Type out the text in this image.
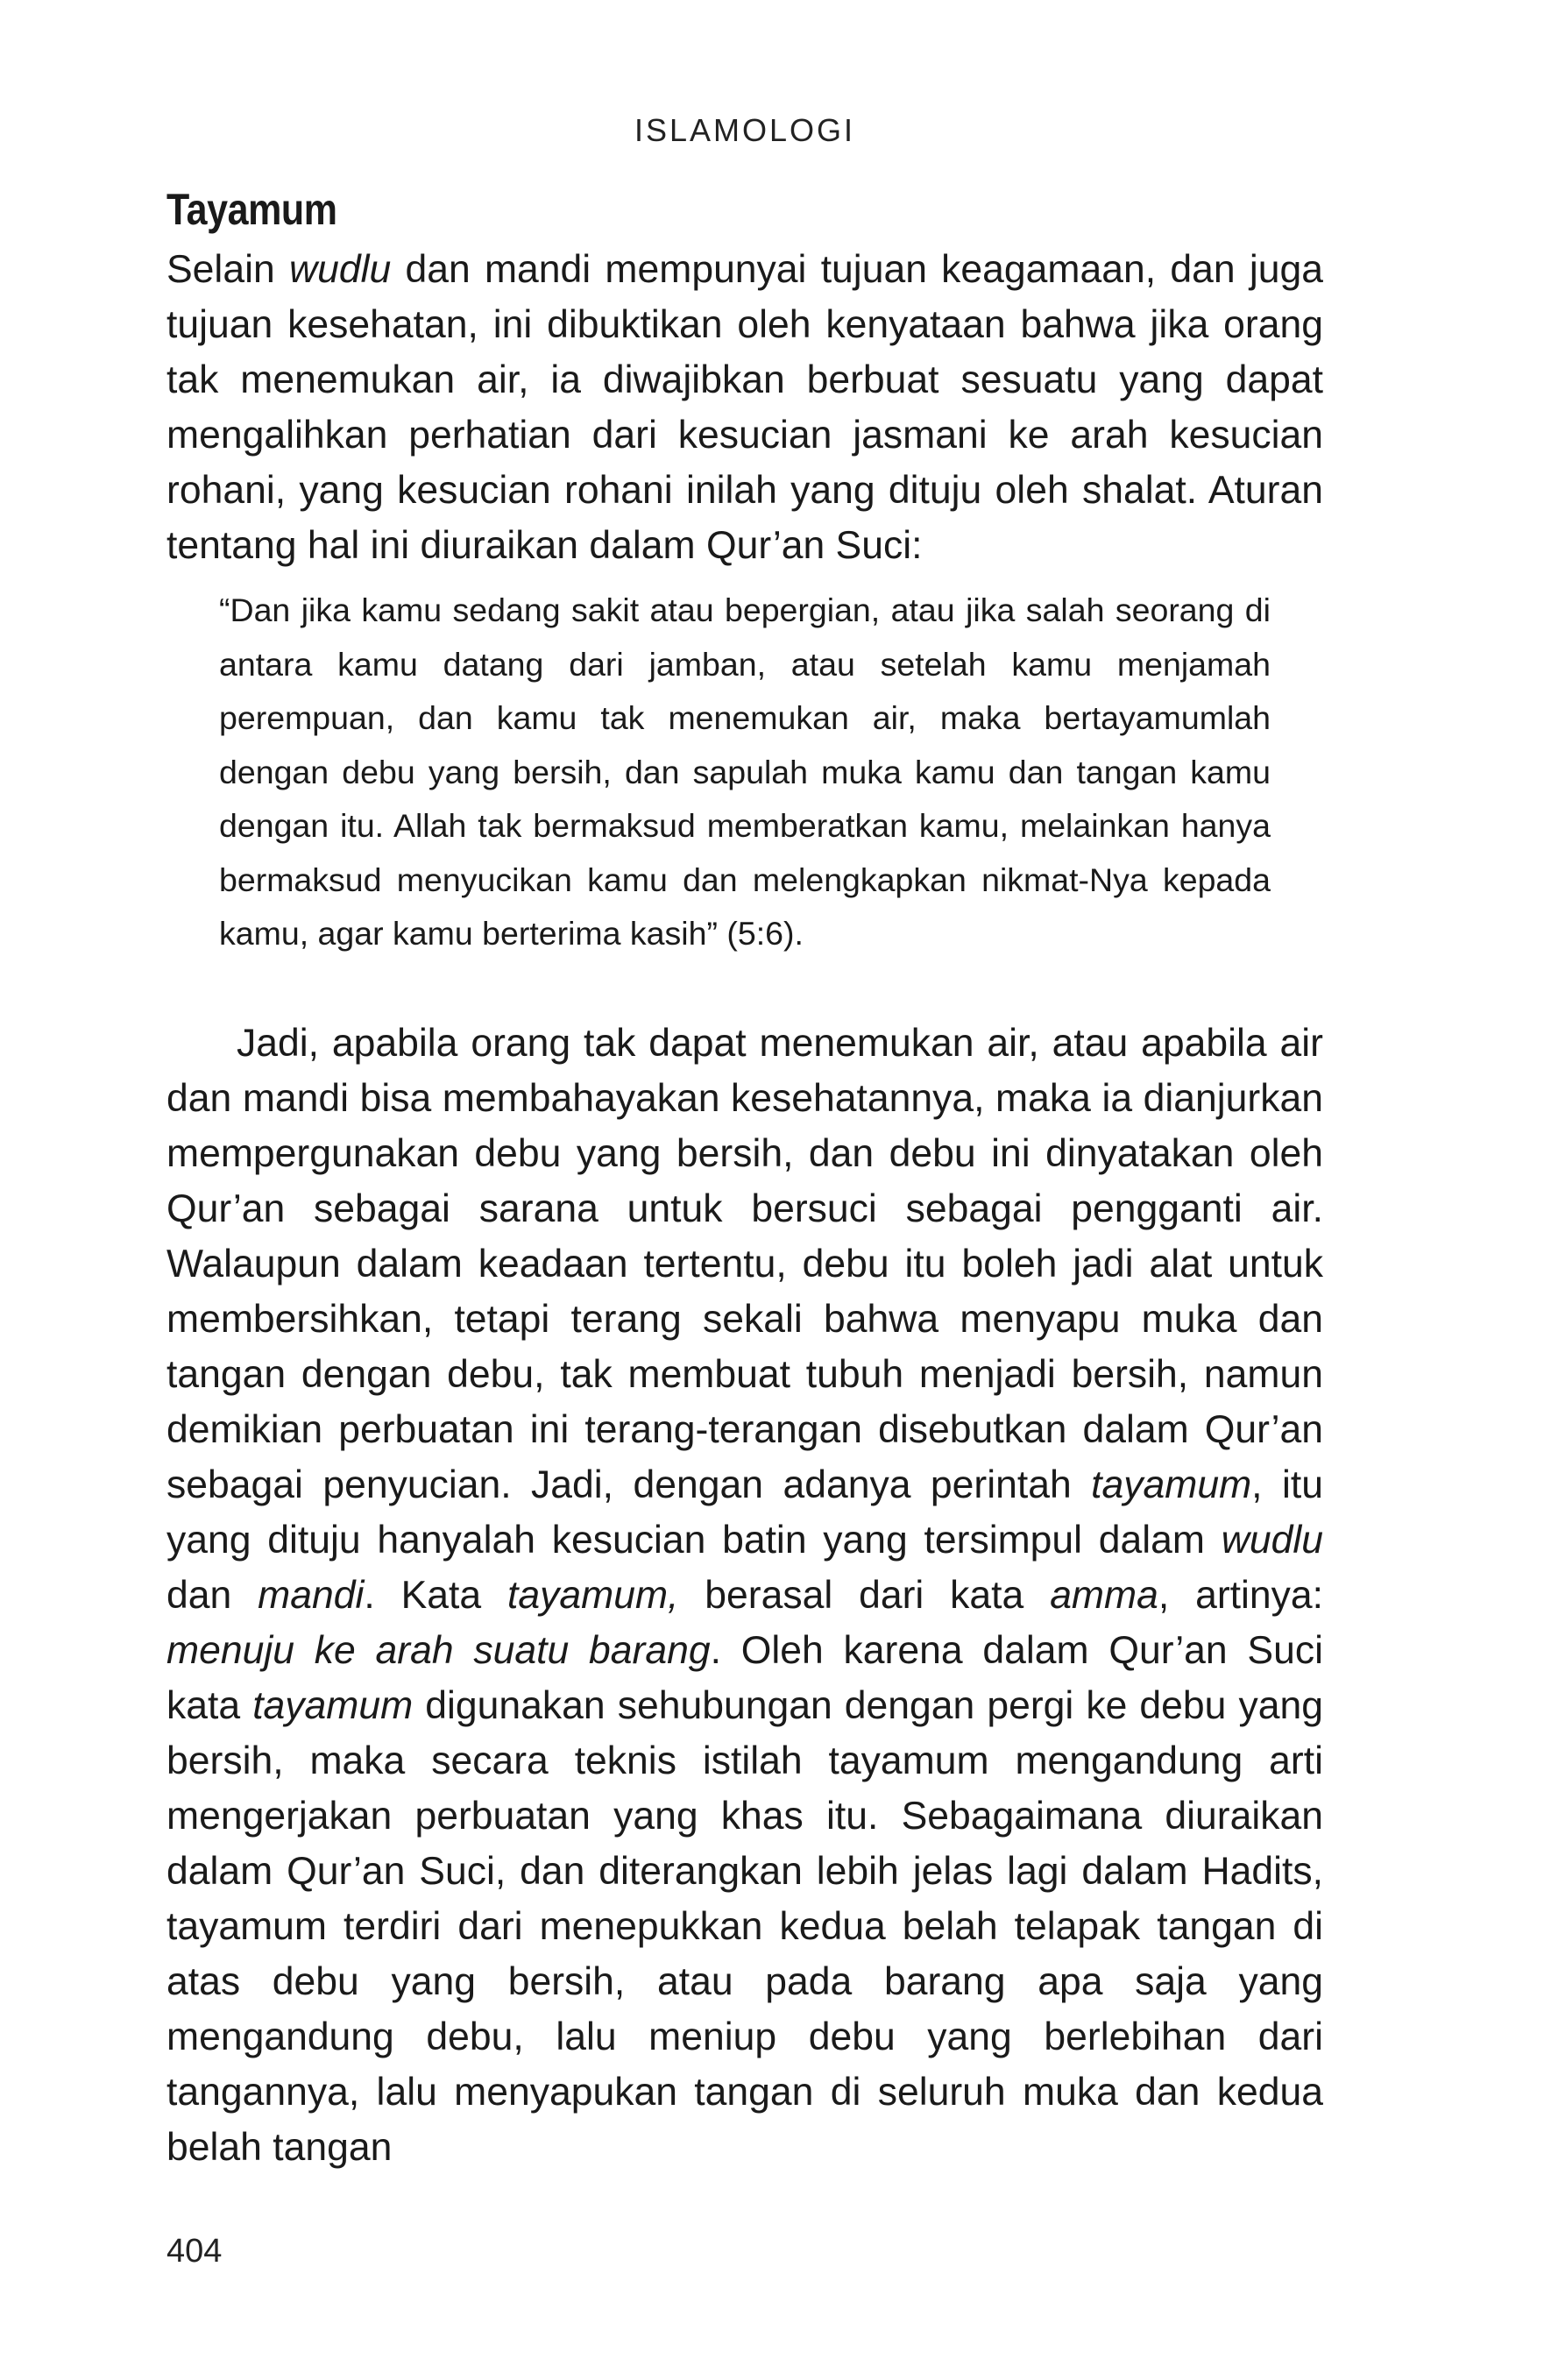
ISLAMOLOGI
Tayamum

Selain wudlu dan mandi mempunyai tujuan keagamaan, dan juga tujuan kesehatan, ini dibuktikan oleh kenyataan bahwa jika orang tak menemukan air, ia diwajibkan berbuat sesuatu yang dapat mengalihkan perhatian dari kesucian jasmani ke arah kesucian rohani, yang kesucian rohani inilah yang dituju oleh shalat. Aturan tentang hal ini diuraikan dalam Qur’an Suci:

“Dan jika kamu sedang sakit atau bepergian, atau jika salah seorang di antara kamu datang dari jamban, atau setelah kamu menjamah perempuan, dan kamu tak menemukan air, maka bertayamumlah dengan debu yang bersih, dan sapulah muka kamu dan tangan kamu dengan itu. Allah tak bermaksud memberatkan kamu, melainkan hanya bermaksud menyucikan kamu dan melengkapkan nikmat-Nya kepada kamu, agar kamu berterima kasih” (5:6).

Jadi, apabila orang tak dapat menemukan air, atau apabila air dan mandi bisa membahayakan kesehatannya, maka ia dianjurkan mempergunakan debu yang bersih, dan debu ini dinyatakan oleh Qur’an sebagai sarana untuk bersuci sebagai pengganti air. Walaupun dalam keadaan tertentu, debu itu boleh jadi alat untuk membersihkan, tetapi terang sekali bahwa menyapu muka dan tangan dengan debu, tak membuat tubuh menjadi bersih, namun demikian perbuatan ini terang-terangan disebutkan dalam Qur’an sebagai penyucian. Jadi, dengan adanya perintah tayamum, itu yang dituju hanyalah kesucian batin yang tersimpul dalam wudlu dan mandi. Kata tayamum, berasal dari kata amma, artinya: menuju ke arah suatu barang. Oleh karena dalam Qur’an Suci kata tayamum digunakan sehubungan dengan pergi ke debu yang bersih, maka secara teknis istilah tayamum mengandung arti mengerjakan perbuatan yang khas itu. Sebagaimana diuraikan dalam Qur’an Suci, dan diterangkan lebih jelas lagi dalam Hadits, tayamum terdiri dari menepukkan kedua belah telapak tangan di atas debu yang bersih, atau pada barang apa saja yang mengandung debu, lalu meniup debu yang berlebihan dari tangannya, lalu menyapukan tangan di seluruh muka dan kedua belah tangan

404
